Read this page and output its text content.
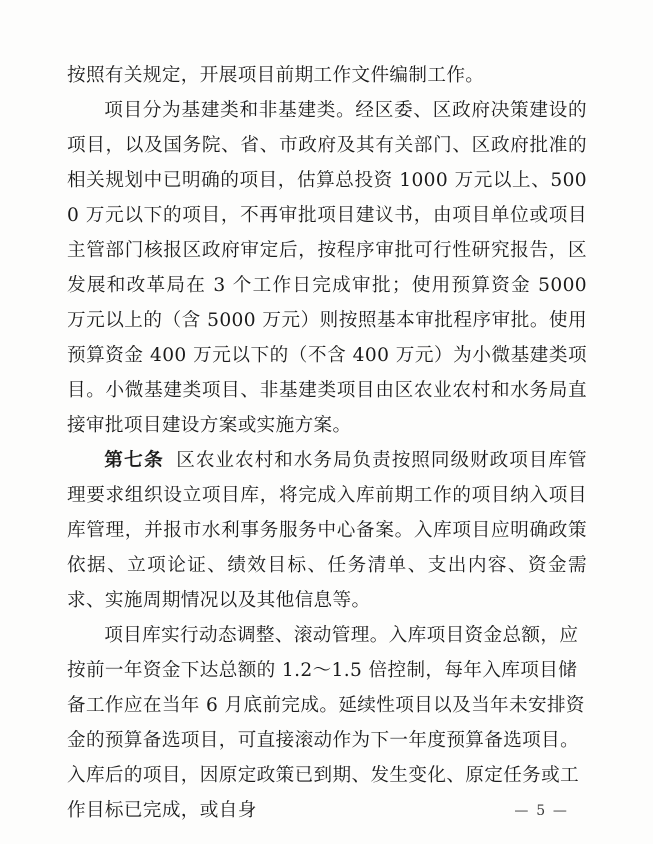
按照有关规定，开展项目前期工作文件编制工作。

项目分为基建类和非基建类。经区委、区政府决策建设的项目，以及国务院、省、市政府及其有关部门、区政府批准的相关规划中已明确的项目，估算总投资 1000 万元以上、5000 万元以下的项目，不再审批项目建议书，由项目单位或项目主管部门核报区政府审定后，按程序审批可行性研究报告，区发展和改革局在 3 个工作日完成审批；使用预算资金 5000 万元以上的（含 5000 万元）则按照基本审批程序审批。使用预算资金 400 万元以下的（不含 400 万元）为小微基建类项目。小微基建类项目、非基建类项目由区农业农村和水务局直接审批项目建设方案或实施方案。

第七条 区农业农村和水务局负责按照同级财政项目库管理要求组织设立项目库，将完成入库前期工作的项目纳入项目库管理，并报市水利事务服务中心备案。入库项目应明确政策依据、立项论证、绩效目标、任务清单、支出内容、资金需求、实施周期情况以及其他信息等。

项目库实行动态调整、滚动管理。入库项目资金总额，应按前一年资金下达总额的 1.2～1.5 倍控制，每年入库项目储备工作应在当年 6 月底前完成。延续性项目以及当年未安排资金的预算备选项目，可直接滚动作为下一年度预算备选项目。入库后的项目，因原定政策已到期、发生变化、原定任务或工作目标已完成，或自身	— 5 —
